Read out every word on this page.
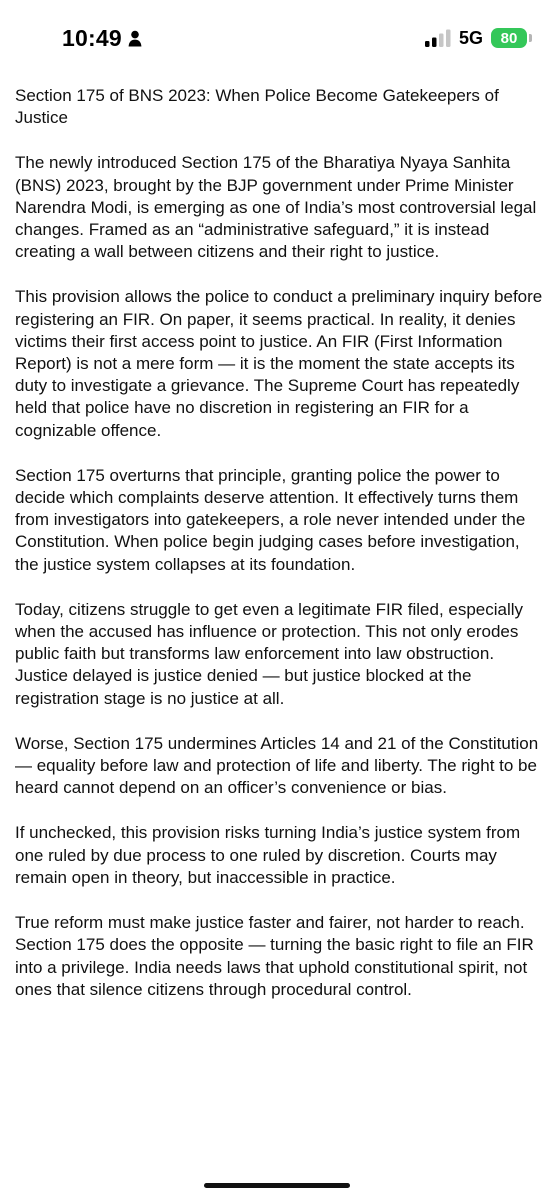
10:49	5G	80

Section 175 of BNS 2023: When Police Become Gatekeepers of Justice

The newly introduced Section 175 of the Bharatiya Nyaya Sanhita (BNS) 2023, brought by the BJP government under Prime Minister Narendra Modi, is emerging as one of India’s most controversial legal changes. Framed as an “administrative safeguard,” it is instead creating a wall between citizens and their right to justice.

This provision allows the police to conduct a preliminary inquiry before registering an FIR. On paper, it seems practical. In reality, it denies victims their first access point to justice. An FIR (First Information Report) is not a mere form — it is the moment the state accepts its duty to investigate a grievance. The Supreme Court has repeatedly held that police have no discretion in registering an FIR for a cognizable offence.

Section 175 overturns that principle, granting police the power to decide which complaints deserve attention. It effectively turns them from investigators into gatekeepers, a role never intended under the Constitution. When police begin judging cases before investigation, the justice system collapses at its foundation.

Today, citizens struggle to get even a legitimate FIR filed, especially when the accused has influence or protection. This not only erodes public faith but transforms law enforcement into law obstruction. Justice delayed is justice denied — but justice blocked at the registration stage is no justice at all.

Worse, Section 175 undermines Articles 14 and 21 of the Constitution — equality before law and protection of life and liberty. The right to be heard cannot depend on an officer’s convenience or bias.

If unchecked, this provision risks turning India’s justice system from one ruled by due process to one ruled by discretion. Courts may remain open in theory, but inaccessible in practice.

True reform must make justice faster and fairer, not harder to reach. Section 175 does the opposite — turning the basic right to file an FIR into a privilege. India needs laws that uphold constitutional spirit, not ones that silence citizens through procedural control.
